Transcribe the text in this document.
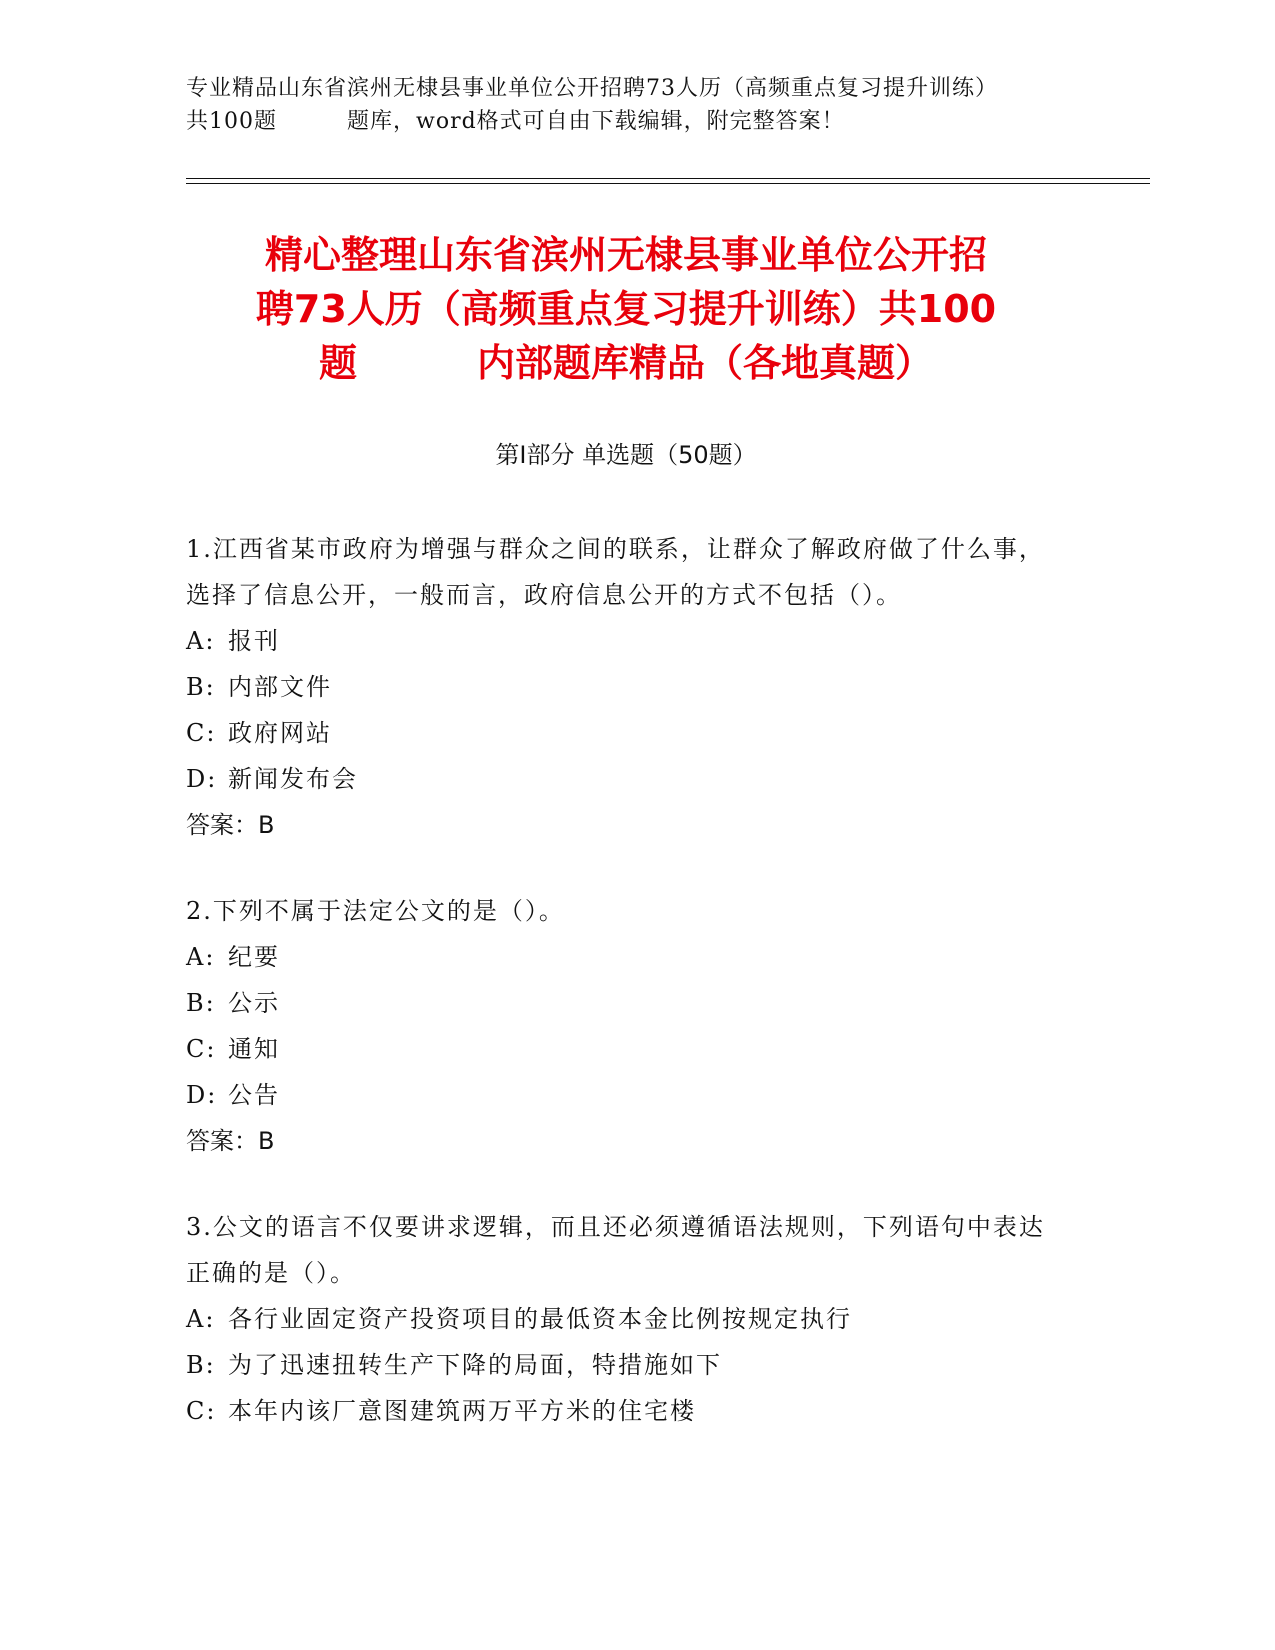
专业精品山东省滨州无棣县事业单位公开招聘73人历（高频重点复习提升训练）
共100题	题库，word格式可自由下载编辑，附完整答案！
精心整理山东省滨州无棣县事业单位公开招
聘73人历（高频重点复习提升训练）共100
题	内部题库精品（各地真题）
第Ⅰ部分 单选题（50题）
1.江西省某市政府为增强与群众之间的联系，让群众了解政府做了什么事，选择了信息公开，一般而言，政府信息公开的方式不包括（）。
A: 报刊
B: 内部文件
C: 政府网站
D: 新闻发布会
答案：B
2.下列不属于法定公文的是（）。
A: 纪要
B: 公示
C: 通知
D: 公告
答案：B
3.公文的语言不仅要讲求逻辑，而且还必须遵循语法规则，下列语句中表达正确的是（）。
A: 各行业固定资产投资项目的最低资本金比例按规定执行
B: 为了迅速扭转生产下降的局面，特措施如下
C: 本年内该厂意图建筑两万平方米的住宅楼
